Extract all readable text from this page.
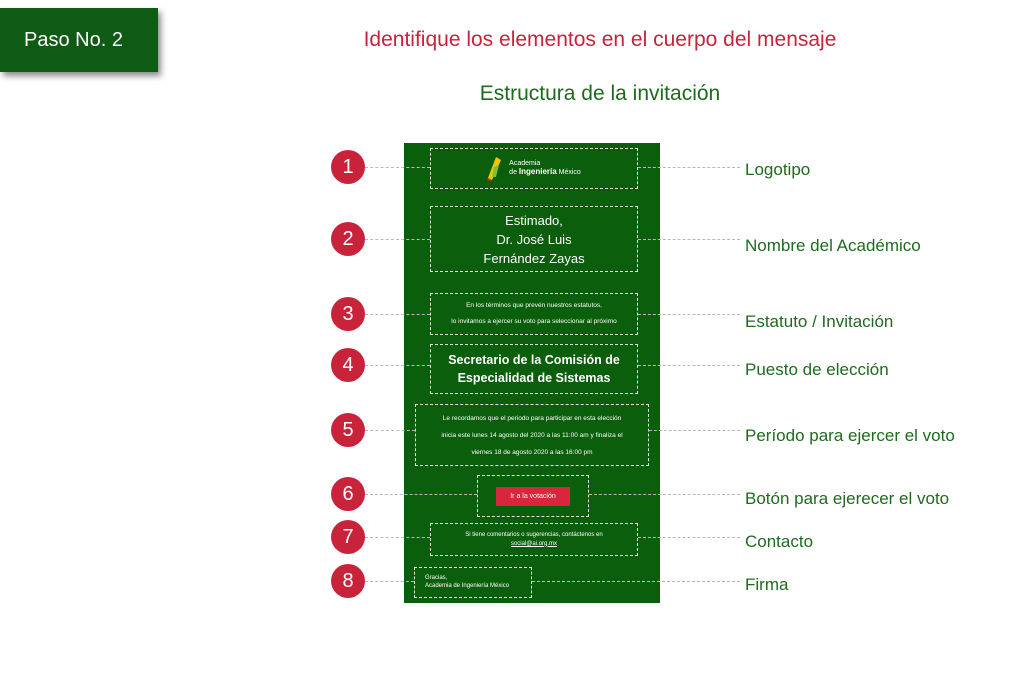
Paso No. 2	Identifique los elementos en el cuerpo del mensaje
Estructura de la invitación
Academia
de Ingeniería México
Estimado,
Dr. José Luis
Fernández Zayas
En los términos que prevén nuestros estatutos,
lo invitamos a ejercer su voto para seleccionar al próximo
Secretario de la Comisión de
Especialidad de Sistemas
Le recordamos que el periodo para participar en esta elección
inicia este lunes 14 agosto del 2020 a las 11:00 am y finaliza el
viernes 18 de agosto 2020 a las 16:00 pm
Ir a la votación
Si tiene comentarios o sugerencias, contáctenos en
social@ai.org.mx
Gracias,
Academia de Ingeniería México
1	Logotipo
2	Nombre del Académico
3	Estatuto / Invitación
4	Puesto de elección
5	Período para ejercer el voto
6	Botón para ejerecer el voto
7	Contacto
8	Firma
